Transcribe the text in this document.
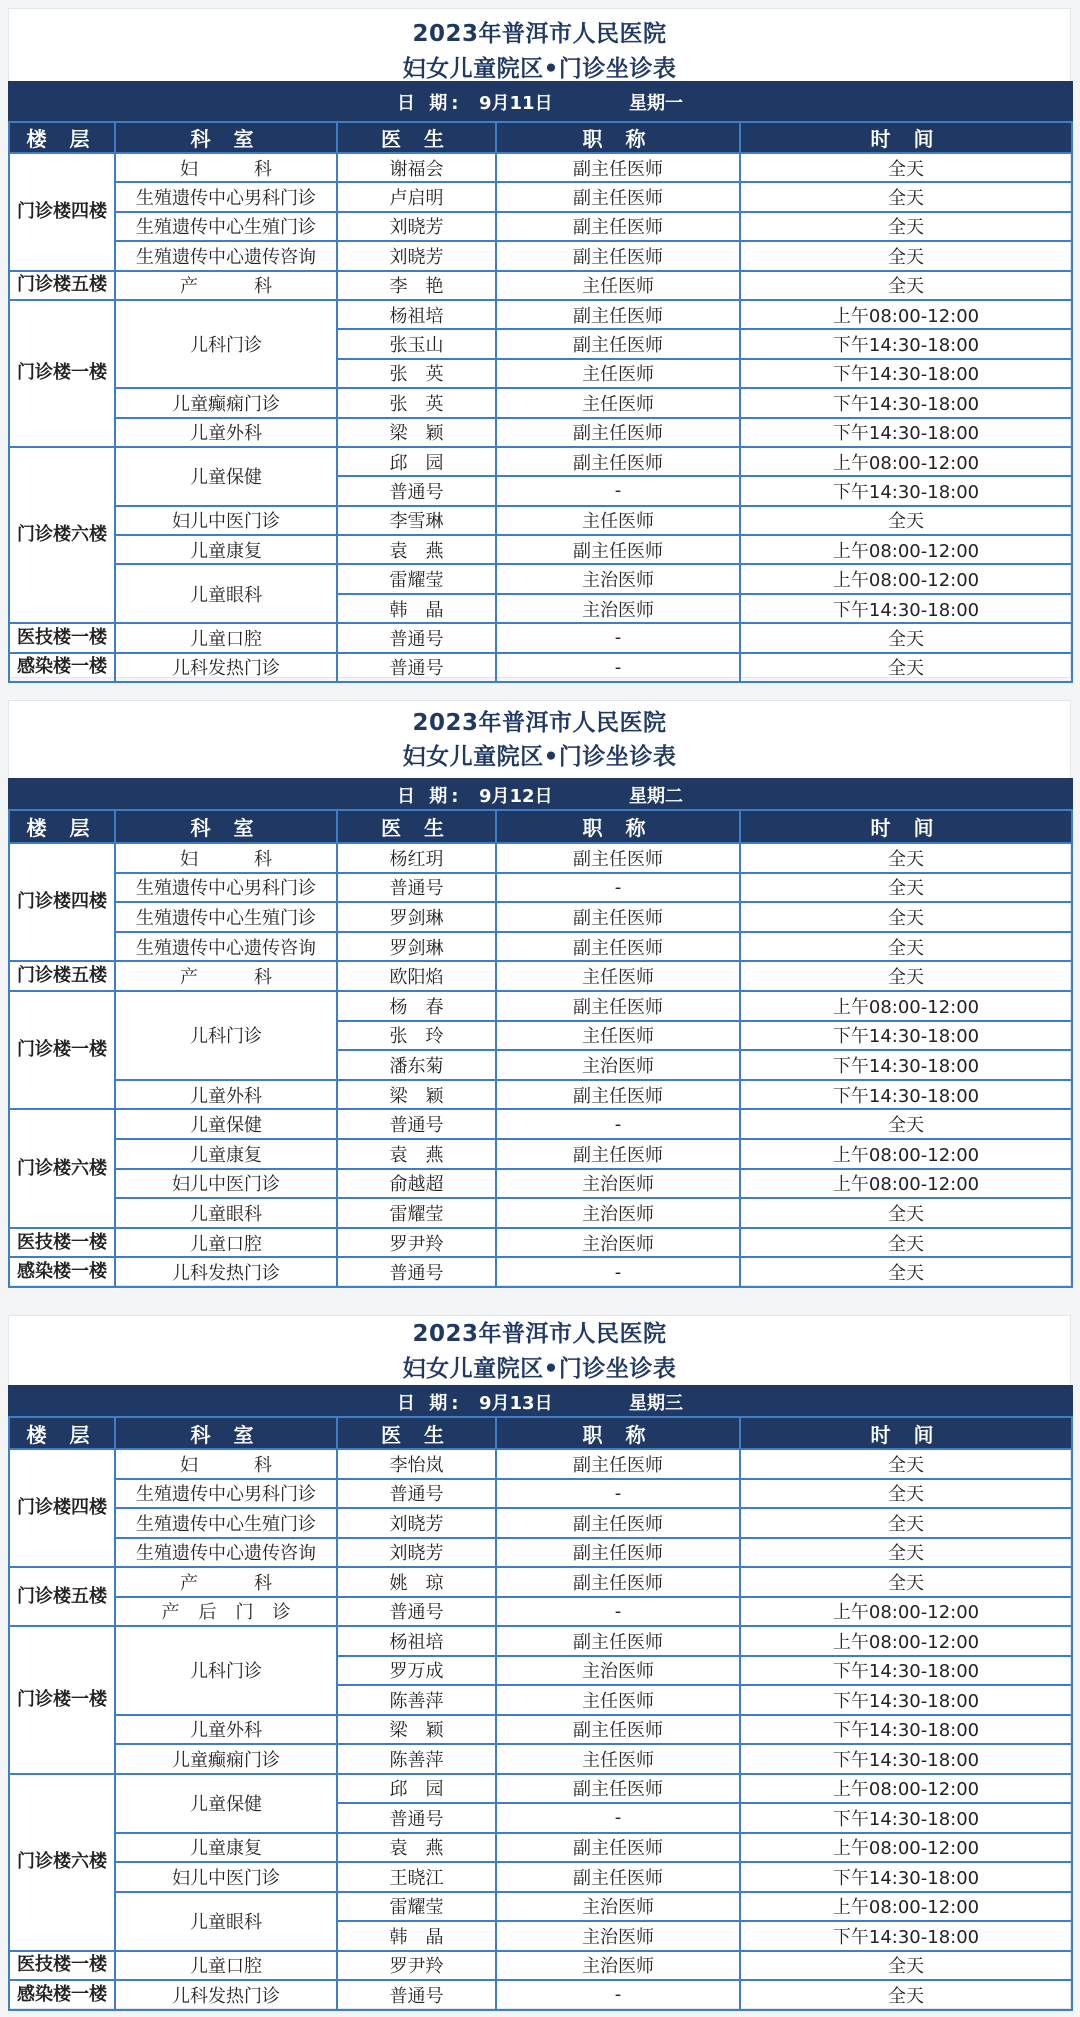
2023年普洱市人民医院
妇女儿童院区•门诊坐诊表
日 期: 9月11日 星期一				

楼 层	科 室	医 生	职 称	时 间
门诊楼四楼	妇 科	谢福会	副主任医师	全天
	生殖遗传中心男科门诊	卢启明	副主任医师	全天
	生殖遗传中心生殖门诊	刘晓芳	副主任医师	全天
	生殖遗传中心遗传咨询	刘晓芳	副主任医师	全天
门诊楼五楼	产 科	李　艳	主任医师	全天
门诊楼一楼	儿科门诊	杨祖培	副主任医师	上午08:00-12:00
		张玉山	副主任医师	下午14:30-18:00
		张　英	主任医师	下午14:30-18:00
	儿童癫痫门诊	张　英	主任医师	下午14:30-18:00
	儿童外科	梁　颖	副主任医师	下午14:30-18:00
门诊楼六楼	儿童保健	邱　园	副主任医师	上午08:00-12:00
		普通号	-	下午14:30-18:00
	妇儿中医门诊	李雪琳	主任医师	全天
	儿童康复	袁　燕	副主任医师	上午08:00-12:00
	儿童眼科	雷耀莹	主治医师	上午08:00-12:00
		韩　晶	主治医师	下午14:30-18:00
医技楼一楼	儿童口腔	普通号	-	全天
感染楼一楼	儿科发热门诊	普通号	-	全天
2023年普洱市人民医院
妇女儿童院区•门诊坐诊表
日 期: 9月12日 星期二				

楼 层	科 室	医 生	职 称	时 间
门诊楼四楼	妇 科	杨红玥	副主任医师	全天
	生殖遗传中心男科门诊	普通号	-	全天
	生殖遗传中心生殖门诊	罗剑琳	副主任医师	全天
	生殖遗传中心遗传咨询	罗剑琳	副主任医师	全天
门诊楼五楼	产 科	欧阳焰	主任医师	全天
门诊楼一楼	儿科门诊	杨　春	副主任医师	上午08:00-12:00
		张　玲	主任医师	下午14:30-18:00
		潘东菊	主治医师	下午14:30-18:00
	儿童外科	梁　颖	副主任医师	下午14:30-18:00
门诊楼六楼	儿童保健	普通号	-	全天
	儿童康复	袁　燕	副主任医师	上午08:00-12:00
	妇儿中医门诊	俞越超	主治医师	上午08:00-12:00
	儿童眼科	雷耀莹	主治医师	全天
医技楼一楼	儿童口腔	罗尹羚	主治医师	全天
感染楼一楼	儿科发热门诊	普通号	-	全天
2023年普洱市人民医院
妇女儿童院区•门诊坐诊表
日 期: 9月13日 星期三				

楼 层	科 室	医 生	职 称	时 间
门诊楼四楼	妇 科	李怡岚	副主任医师	全天
	生殖遗传中心男科门诊	普通号	-	全天
	生殖遗传中心生殖门诊	刘晓芳	副主任医师	全天
	生殖遗传中心遗传咨询	刘晓芳	副主任医师	全天
门诊楼五楼	产 科	姚　琼	副主任医师	全天

	产 后 门 诊	普通号	-	上午08:00-12:00
门诊楼一楼	儿科门诊	杨祖培	副主任医师	上午08:00-12:00
		罗万成	主治医师	下午14:30-18:00
		陈善萍	主任医师	下午14:30-18:00
	儿童外科	梁　颖	副主任医师	下午14:30-18:00
	儿童癫痫门诊	陈善萍	主任医师	下午14:30-18:00
门诊楼六楼	儿童保健	邱　园	副主任医师	上午08:00-12:00
		普通号	-	下午14:30-18:00
	儿童康复	袁　燕	副主任医师	上午08:00-12:00
	妇儿中医门诊	王晓江	副主任医师	下午14:30-18:00
	儿童眼科	雷耀莹	主治医师	上午08:00-12:00
		韩　晶	主治医师	下午14:30-18:00
医技楼一楼	儿童口腔	罗尹羚	主治医师	全天
感染楼一楼	儿科发热门诊	普通号	-	全天
